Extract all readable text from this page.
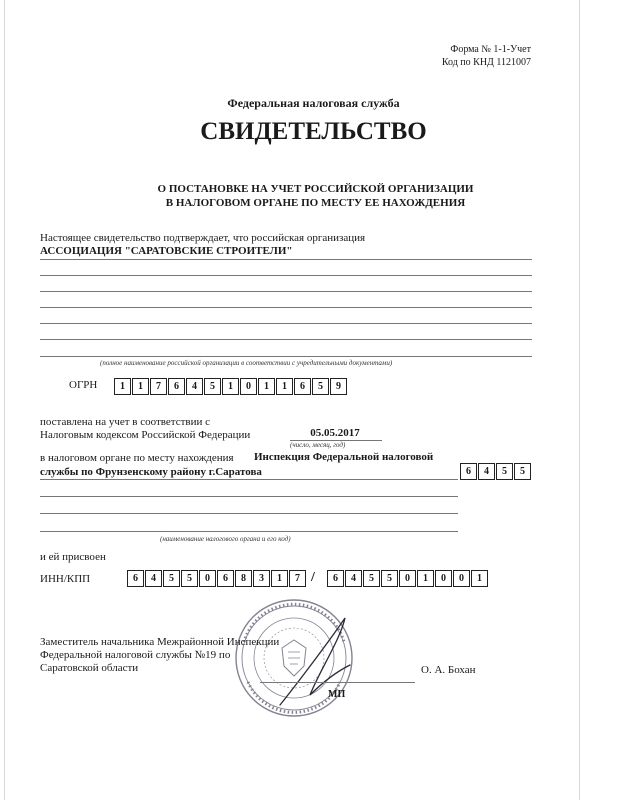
Форма № 1-1-Учет
Код по КНД 1121007
Федеральная налоговая служба
СВИДЕТЕЛЬСТВО
О ПОСТАНОВКЕ НА УЧЕТ РОССИЙСКОЙ ОРГАНИЗАЦИИ
В НАЛОГОВОМ ОРГАНЕ ПО МЕСТУ ЕЕ НАХОЖДЕНИЯ
Настоящее свидетельство подтверждает, что российская организация
АССОЦИАЦИЯ "САРАТОВСКИЕ СТРОИТЕЛИ"
(полное наименование российской организации в соответствии с учредительными документами)
ОГРН	1	1	7	6	4	5	1	0	1	1	6	5	9
поставлена на учет в соответствии с
Налоговым кодексом Российской Федерации	05.05.2017
(число, месяц, год)
в налоговом органе по месту нахождения Инспекция Федеральной налоговой
службы по Фрунзенскому району г.Саратова	6	4	5	5
(наименование налогового органа и его код)
и ей присвоен
ИНН/КПП	6	4	5	5	0	6	8	3	1	7 /	6	4	5	5	0	1	0	0	1
Заместитель начальника Межрайонной Инспекции
Федеральной налоговой службы №19 по
Саратовской области	О. А. Бохан
МП
